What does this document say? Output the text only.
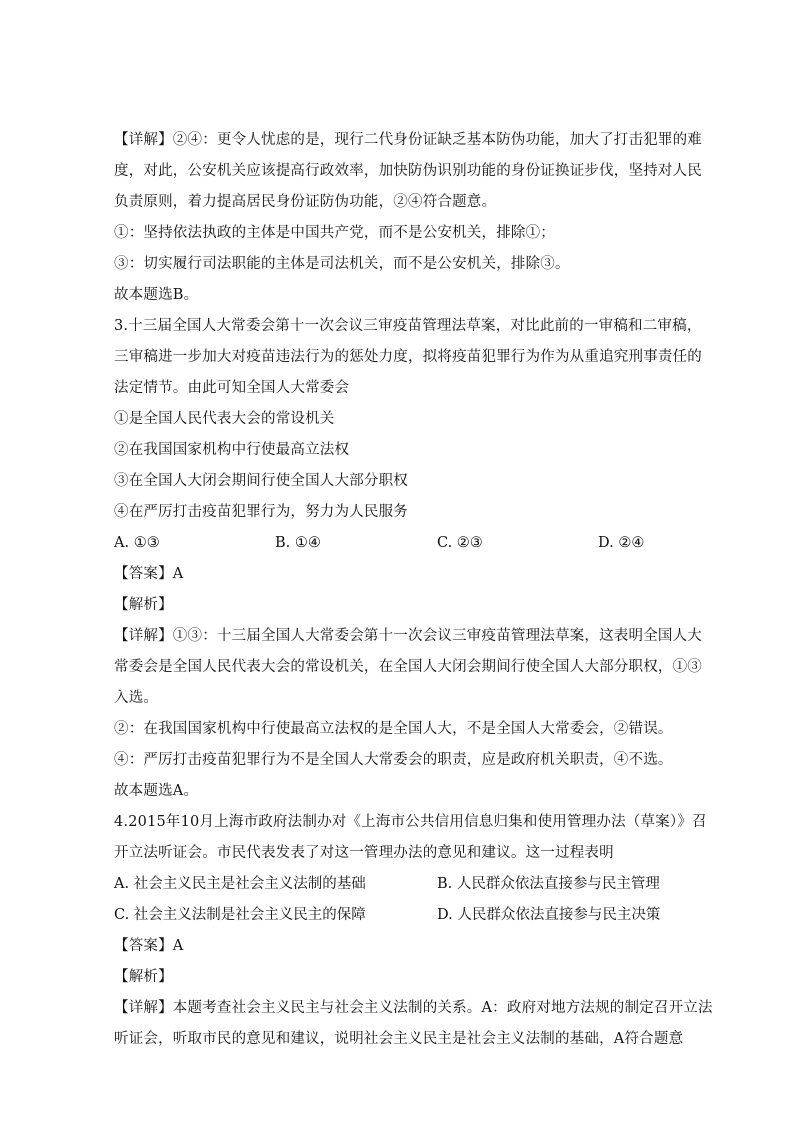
【详解】②④：更令人忧虑的是，现行二代身份证缺乏基本防伪功能，加大了打击犯罪的难
度，对此，公安机关应该提高行政效率，加快防伪识别功能的身份证换证步伐，坚持对人民
负责原则，着力提高居民身份证防伪功能，②④符合题意。
①：坚持依法执政的主体是中国共产党，而不是公安机关，排除①；
③：切实履行司法职能的主体是司法机关，而不是公安机关，排除③。
故本题选B。
3.十三届全国人大常委会第十一次会议三审疫苗管理法草案，对比此前的一审稿和二审稿，
三审稿进一步加大对疫苗违法行为的惩处力度，拟将疫苗犯罪行为作为从重追究刑事责任的
法定情节。由此可知全国人大常委会
①是全国人民代表大会的常设机关
②在我国国家机构中行使最高立法权
③在全国人大闭会期间行使全国人大部分职权
④在严厉打击疫苗犯罪行为，努力为人民服务
A. ①③	B. ①④	C. ②③	D. ②④
【答案】A
【解析】
【详解】①③：十三届全国人大常委会第十一次会议三审疫苗管理法草案，这表明全国人大
常委会是全国人民代表大会的常设机关，在全国人大闭会期间行使全国人大部分职权，①③
入选。
②：在我国国家机构中行使最高立法权的是全国人大，不是全国人大常委会，②错误。
④：严厉打击疫苗犯罪行为不是全国人大常委会的职责，应是政府机关职责，④不选。
故本题选A。
4.2015年10月上海市政府法制办对《上海市公共信用信息归集和使用管理办法（草案）》召
开立法听证会。市民代表发表了对这一管理办法的意见和建议。这一过程表明
A. 社会主义民主是社会主义法制的基础	B. 人民群众依法直接参与民主管理
C. 社会主义法制是社会主义民主的保障	D. 人民群众依法直接参与民主决策
【答案】A
【解析】
【详解】本题考查社会主义民主与社会主义法制的关系。A：政府对地方法规的制定召开立法
听证会，听取市民的意见和建议，说明社会主义民主是社会主义法制的基础，A符合题意
